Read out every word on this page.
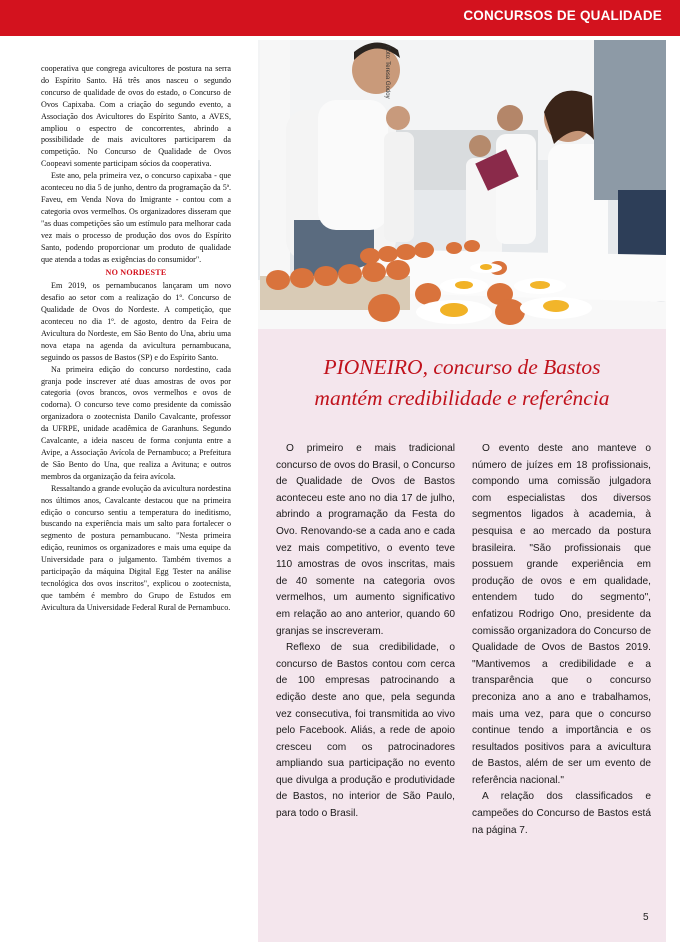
CONCURSOS DE QUALIDADE

cooperativa que congrega avicultores de postura na serra do Espírito Santo. Há três anos nasceu o segundo concurso de qualidade de ovos do estado, o Concurso de Ovos Capixaba. Com a criação do segundo evento, a Associação dos Avicultores do Espírito Santo, a AVES, ampliou o espectro de concorrentes, abrindo a possibilidade de mais avicultores participarem da competição. No Concurso de Qualidade de Ovos Coopeavi somente participam sócios da cooperativa.

Este ano, pela primeira vez, o concurso capixaba - que aconteceu no dia 5 de junho, dentro da programação da 5ª. Faveu, em Venda Nova do Imigrante - contou com a categoria ovos vermelhos. Os organizadores disseram que "as duas competições são um estímulo para melhorar cada vez mais o processo de produção dos ovos do Espírito Santo, podendo proporcionar um produto de qualidade que atenda a todas as exigências do consumidor".

NO NORDESTE

Em 2019, os pernambucanos lançaram um novo desafio ao setor com a realização do 1º. Concurso de Qualidade de Ovos do Nordeste. A competição, que aconteceu no dia 1º. de agosto, dentro da Feira de Avicultura do Nordeste, em São Bento do Una, abriu uma nova etapa na agenda da avicultura pernambucana, seguindo os passos de Bastos (SP) e do Espírito Santo.

Na primeira edição do concurso nordestino, cada granja pode inscrever até duas amostras de ovos por categoria (ovos brancos, ovos vermelhos e ovos de codorna). O concurso teve como presidente da comissão organizadora o zootecnista Danilo Cavalcante, professor da UFRPE, unidade acadêmica de Garanhuns. Segundo Cavalcante, a ideia nasceu de forma conjunta entre a Avipe, a Associação Avícola de Pernambuco; a Prefeitura de São Bento do Una, que realiza a Avituna; e outros membros da organização da feira avícola.

Ressaltando a grande evolução da avicultura nordestina nos últimos anos, Cavalcante destacou que na primeira edição o concurso sentiu a temperatura do ineditismo, buscando na experiência mais um salto para fortalecer o segmento de postura pernambucano. "Nesta primeira edição, reunimos os organizadores e mais uma equipe da Universidade para o julgamento. Também tivemos a participação da máquina Digital Egg Tester na análise tecnológica dos ovos inscritos", explicou o zootecnista, que também é membro do Grupo de Estudos em Avicultura da Universidade Federal Rural de Pernambuco.

Foto: Teresa Godoy
PIONEIRO, concurso de Bastos
mantém credibilidade e referência

O primeiro e mais tradicional concurso de ovos do Brasil, o Concurso de Qualidade de Ovos de Bastos aconteceu este ano no dia 17 de julho, abrindo a programação da Festa do Ovo. Renovando-se a cada ano e cada vez mais competitivo, o evento teve 110 amostras de ovos inscritas, mais de 40 somente na categoria ovos vermelhos, um aumento significativo em relação ao ano anterior, quando 60 granjas se inscreveram.

Reflexo de sua credibilidade, o concurso de Bastos contou com cerca de 100 empresas patrocinando a edição deste ano que, pela segunda vez consecutiva, foi transmitida ao vivo pelo Facebook. Aliás, a rede de apoio cresceu com os patrocinadores ampliando sua participação no evento que divulga a produção e produtividade de Bastos, no interior de São Paulo, para todo o Brasil.

O evento deste ano manteve o número de juízes em 18 profissionais, compondo uma comissão julgadora com especialistas dos diversos segmentos ligados à academia, à pesquisa e ao mercado da postura brasileira. "São profissionais que possuem grande experiência em produção de ovos e em qualidade, entendem tudo do segmento", enfatizou Rodrigo Ono, presidente da comissão organizadora do Concurso de Qualidade de Ovos de Bastos 2019. "Mantivemos a credibilidade e a transparência que o concurso preconiza ano a ano e trabalhamos, mais uma vez, para que o concurso continue tendo a importância e os resultados positivos para a avicultura de Bastos, além de ser um evento de referência nacional."

A relação dos classificados e campeões do Concurso de Bastos está na página 7.

5
